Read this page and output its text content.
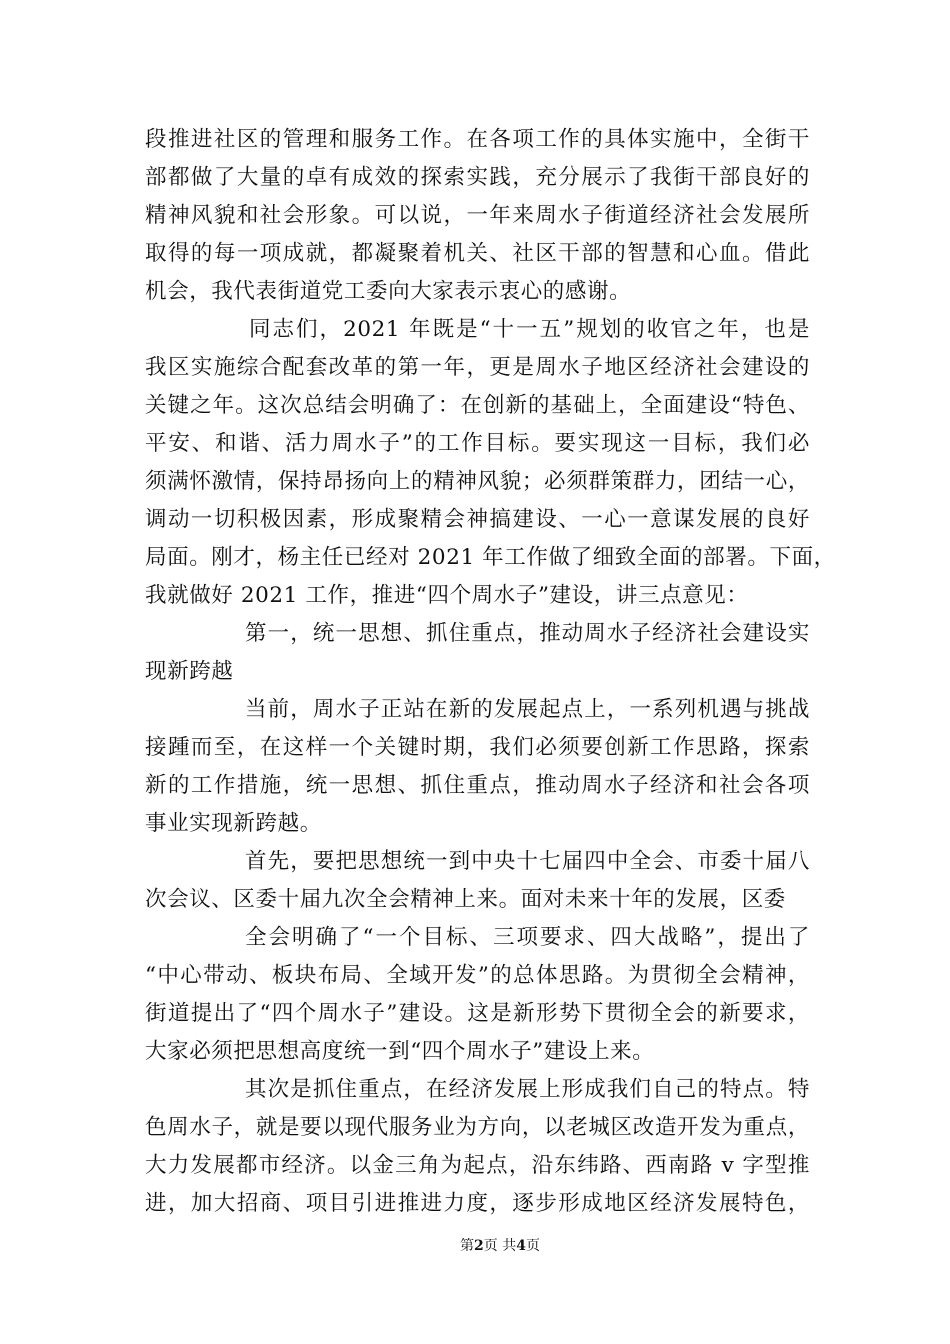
段推进社区的管理和服务工作。在各项工作的具体实施中，全街干
部都做了大量的卓有成效的探索实践，充分展示了我街干部良好的
精神风貌和社会形象。可以说，一年来周水子街道经济社会发展所
取得的每一项成就，都凝聚着机关、社区干部的智慧和心血。借此
机会，我代表街道党工委向大家表示衷心的感谢。
同志们，2021 年既是“十一五”规划的收官之年，也是
我区实施综合配套改革的第一年，更是周水子地区经济社会建设的
关键之年。这次总结会明确了：在创新的基础上，全面建设“特色、
平安、和谐、活力周水子”的工作目标。要实现这一目标，我们必
须满怀激情，保持昂扬向上的精神风貌；必须群策群力，团结一心，
调动一切积极因素，形成聚精会神搞建设、一心一意谋发展的良好
局面。刚才，杨主任已经对 2021 年工作做了细致全面的部署。下面，
我就做好 2021 工作，推进“四个周水子”建设，讲三点意见：
第一，统一思想、抓住重点，推动周水子经济社会建设实
现新跨越
当前，周水子正站在新的发展起点上，一系列机遇与挑战
接踵而至，在这样一个关键时期，我们必须要创新工作思路，探索
新的工作措施，统一思想、抓住重点，推动周水子经济和社会各项
事业实现新跨越。
首先，要把思想统一到中央十七届四中全会、市委十届八
次会议、区委十届九次全会精神上来。面对未来十年的发展，区委
全会明确了“一个目标、三项要求、四大战略”，提出了
“中心带动、板块布局、全域开发”的总体思路。为贯彻全会精神，
街道提出了“四个周水子”建设。这是新形势下贯彻全会的新要求，
大家必须把思想高度统一到“四个周水子”建设上来。
其次是抓住重点，在经济发展上形成我们自己的特点。特
色周水子，就是要以现代服务业为方向，以老城区改造开发为重点，
大力发展都市经济。以金三角为起点，沿东纬路、西南路 v 字型推
进，加大招商、项目引进推进力度，逐步形成地区经济发展特色，
第2页 共4页
